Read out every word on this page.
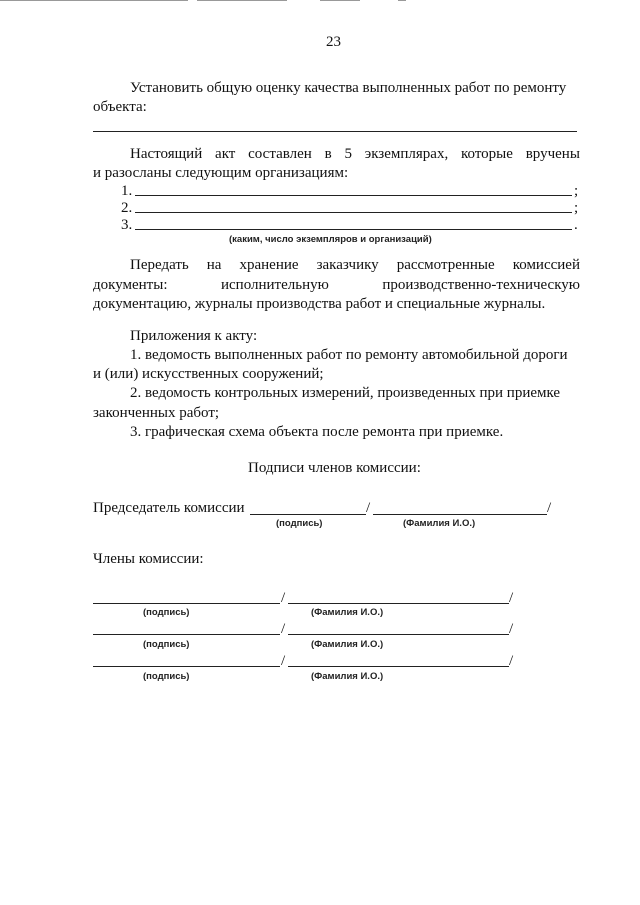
23
Установить общую оценку качества выполненных работ по ремонту
объекта:
Настоящий акт составлен в 5 экземплярах, которые вручены
и разосланы следующим организациям:
1.	;
2.	;
3.	.
(каким, число экземпляров и организаций)
Передать на хранение заказчику рассмотренные комиссией
документы:	исполнительную	производственно-техническую
документацию, журналы производства работ и специальные журналы.
Приложения к акту:
1. ведомость выполненных работ по ремонту автомобильной дороги
и (или) искусственных сооружений;
2. ведомость контрольных измерений, произведенных при приемке
законченных работ;
3. графическая схема объекта после ремонта при приемке.
Подписи членов комиссии:
Председатель комиссии	/	/
(подпись)	(Фамилия И.О.)
Члены комиссии:
/	/
(подпись)	(Фамилия И.О.)
/	/
(подпись)	(Фамилия И.О.)
/	/
(подпись)	(Фамилия И.О.)
